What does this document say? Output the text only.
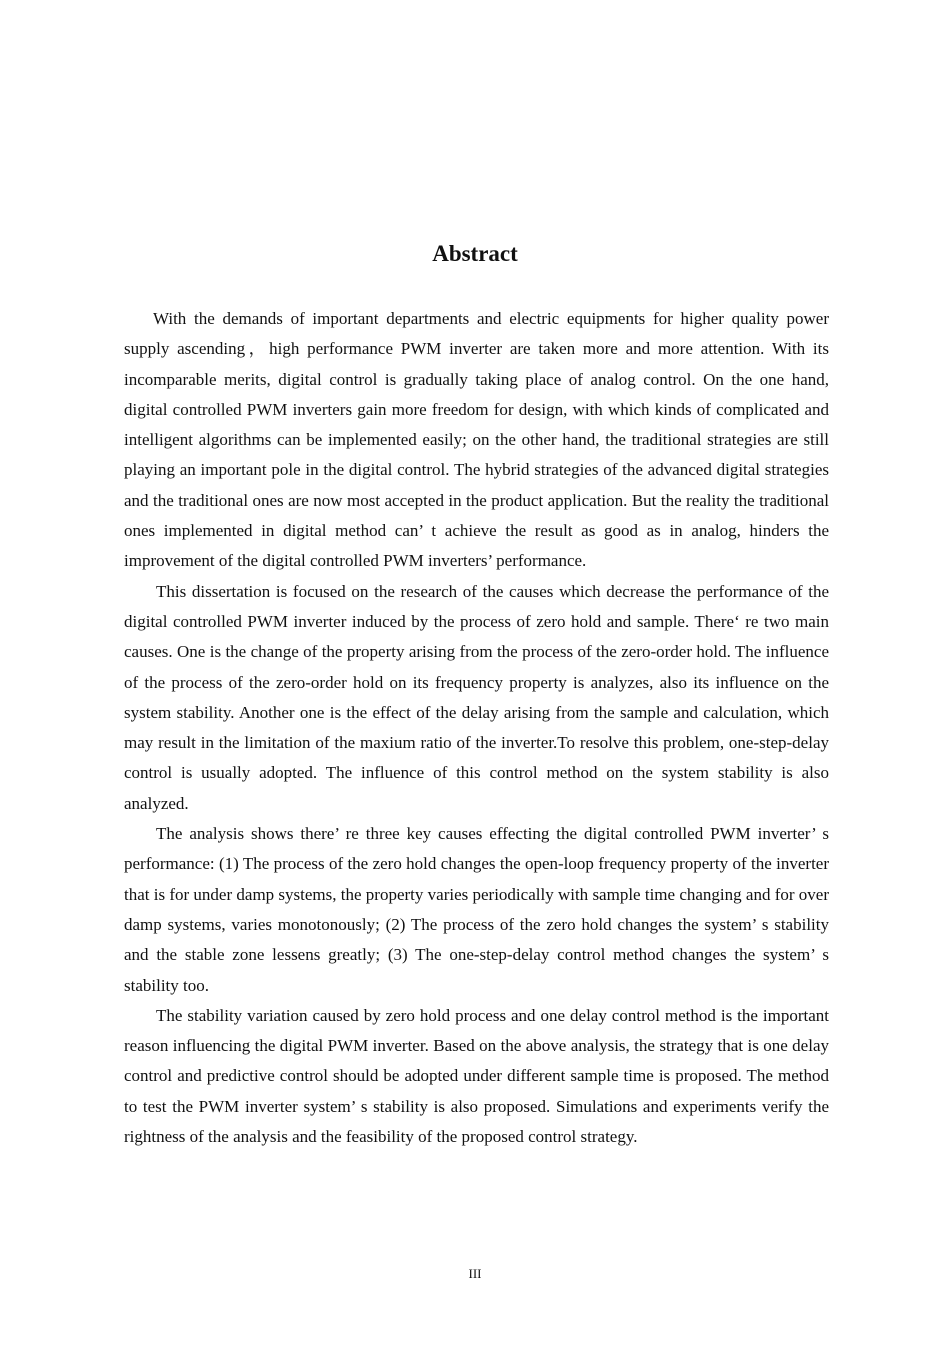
Abstract

With the demands of important departments and electric equipments for higher quality power supply ascending，high performance PWM inverter are taken more and more attention. With its incomparable merits, digital control is gradually taking place of analog control. On the one hand, digital controlled PWM inverters gain more freedom for design, with which kinds of complicated and intelligent algorithms can be implemented easily; on the other hand, the traditional strategies are still playing an important pole in the digital control. The hybrid strategies of the advanced digital strategies and the traditional ones are now most accepted in the product application. But the reality the traditional ones implemented in digital method can’ t achieve the result as good as in analog, hinders the improvement of the digital controlled PWM inverters’ performance.

This dissertation is focused on the research of the causes which decrease the performance of the digital controlled PWM inverter induced by the process of zero hold and sample. There‘ re two main causes. One is the change of the property arising from the process of the zero-order hold. The influence of the process of the zero-order hold on its frequency property is analyzes, also its influence on the system stability. Another one is the effect of the delay arising from the sample and calculation, which may result in the limitation of the maxium ratio of the inverter.To resolve this problem, one-step-delay control is usually adopted. The influence of this control method on the system stability is also analyzed.

The analysis shows there’ re three key causes effecting the digital controlled PWM inverter’ s performance: (1) The process of the zero hold changes the open-loop frequency property of the inverter that is for under damp systems, the property varies periodically with sample time changing and for over damp systems, varies monotonously; (2) The process of the zero hold changes the system’ s stability and the stable zone lessens greatly; (3) The one-step-delay control method changes the system’ s stability too.

The stability variation caused by zero hold process and one delay control method is the important reason influencing the digital PWM inverter. Based on the above analysis, the strategy that is one delay control and predictive control should be adopted under different sample time is proposed. The method to test the PWM inverter system’ s stability is also proposed. Simulations and experiments verify the rightness of the analysis and the feasibility of the proposed control strategy.

III
